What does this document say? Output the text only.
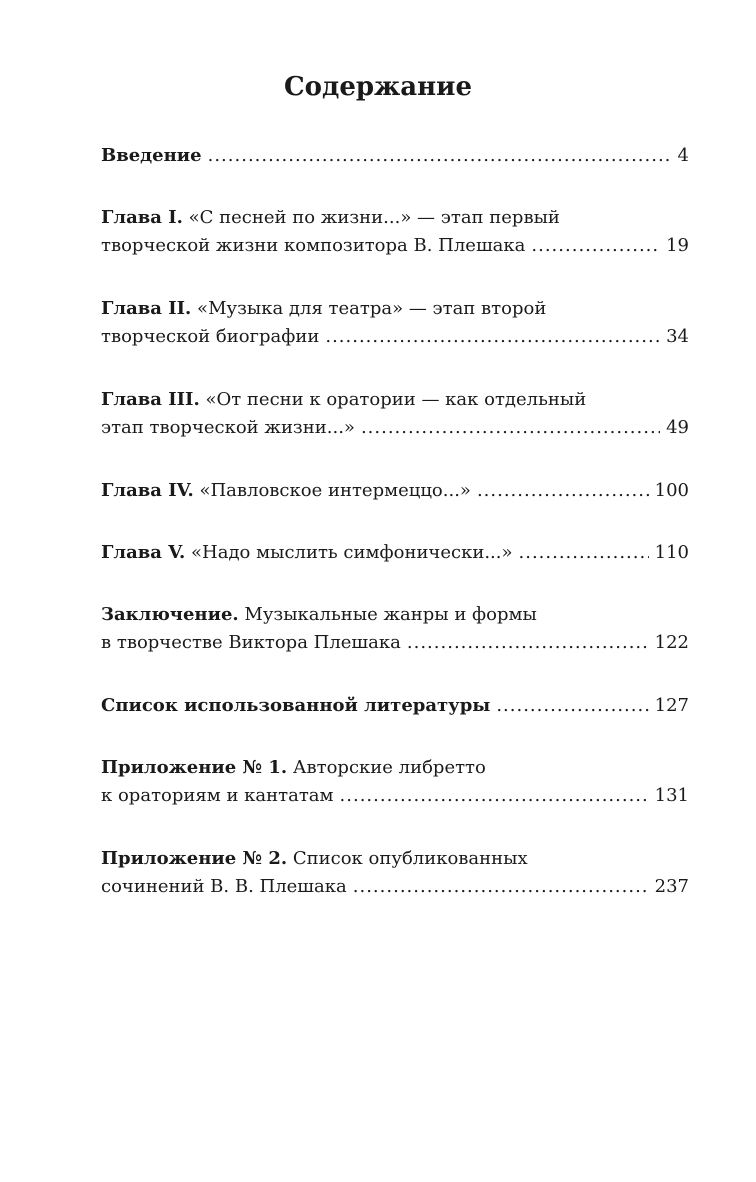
Содержание
Введение .....	4
Глава I. «С песней по жизни...» — этап первый
творческой жизни композитора В. Плешака .....	19
Глава II. «Музыка для театра» — этап второй
творческой биографии .....	34
Глава III. «От песни к оратории — как отдельный
этап творческой жизни...» .....	49
Глава IV. «Павловское интермеццо...» .....	100
Глава V. «Надо мыслить симфонически...» .....	110
Заключение. Музыкальные жанры и формы
в творчестве Виктора Плешака .....	122
Список использованной литературы .....	127
Приложение № 1. Авторские либретто
к ораториям и кантатам .....	131
Приложение № 2. Список опубликованных
сочинений В. В. Плешака .....	237
